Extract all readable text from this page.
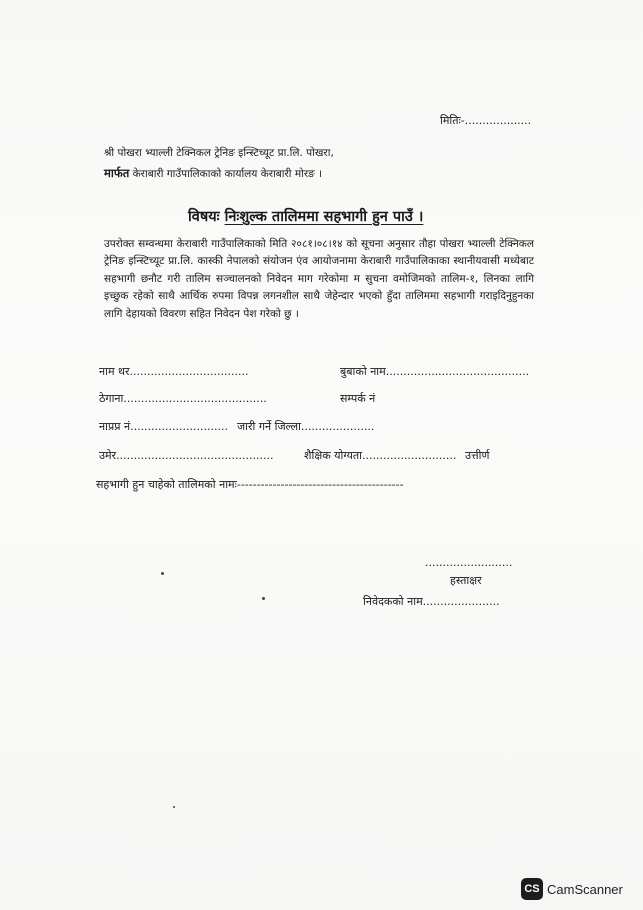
मितिः-...................
श्री पोखरा भ्याल्ली टेक्निकल ट्रेनिङ इन्स्टिच्यूट प्रा.लि. पोखरा,
मार्फत केराबारी गाउँपालिकाको कार्यालय केराबारी मोरङ ।
विषयः निःशुल्क तालिममा सहभागी हुन पाउँ ।
उपरोक्त सम्वन्धमा केराबारी गाउँपालिकाको मिति २०८१।०८।१४ को सूचना अनुसार तौहा पोखरा भ्याल्ली टेक्निकल ट्रेनिङ इन्स्टिच्यूट प्रा.लि. कास्की नेपालको संयोजन एंव आयोजनामा केराबारी गाउँपालिकाका स्थानीयवासी मध्येबाट सहभागी छनौट गरी तालिम सञ्चालनको निवेदन माग गरेकोमा म सुचना वमोजिमको तालिम-१, लिनका लागि इच्छुक रहेको साथै आर्थिक रुपमा विपन्न लगनशील साथै जेहेन्दार भएको हुँदा तालिममा सहभागी गराइदिनुहुनका लागि देहायको विवरण सहित निवेदन पेश गरेको छु ।
नाम थर..................................	बुबाको नाम.........................................
ठेगाना.........................................	सम्पर्क नं
नाप्रप्र नं............................ जारी गर्ने जिल्ला.....................
उमेर.............................................	शैक्षिक योग्यता........................... उत्तीर्ण
सहभागी हुन चाहेको तालिमको नामः------------------------------------------
.........................
हस्ताक्षर
निवेदकको नाम......................
CS CamScanner
